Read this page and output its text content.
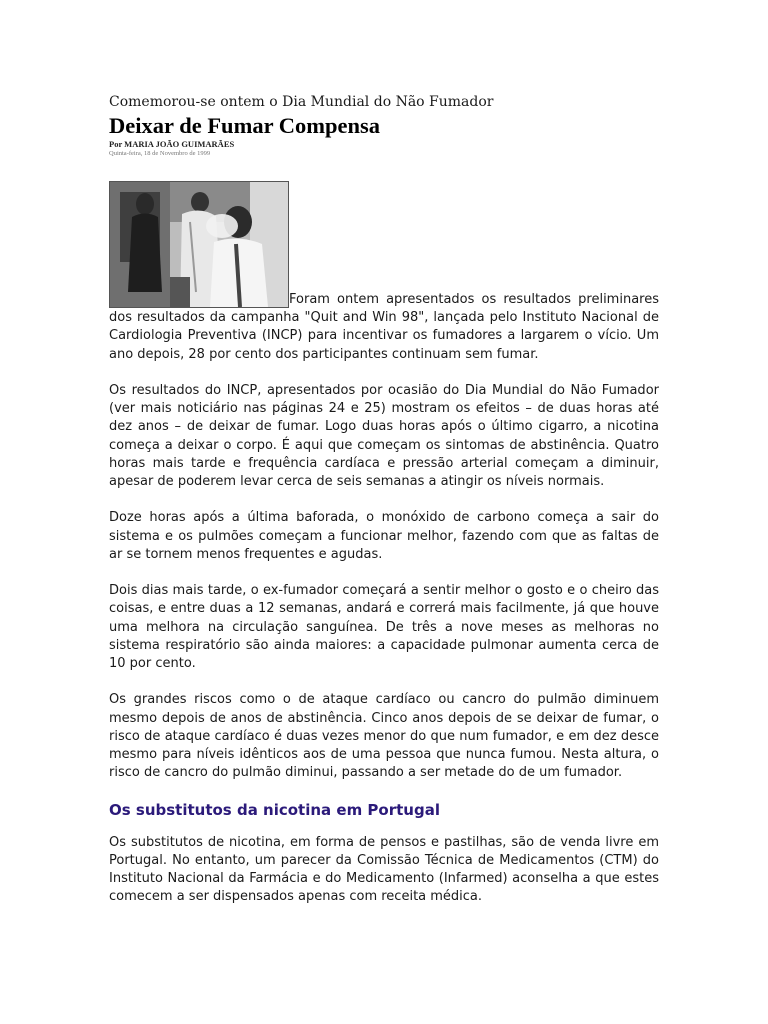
Comemorou-se ontem o Dia Mundial do Não Fumador
Deixar de Fumar Compensa
Por MARIA JOÃO GUIMARÃES
Quinta-feira, 18 de Novembro de 1999

Foram ontem apresentados os resultados preliminares dos resultados da campanha "Quit and Win 98", lançada pelo Instituto Nacional de Cardiologia Preventiva (INCP) para incentivar os fumadores a largarem o vício. Um ano depois, 28 por cento dos participantes continuam sem fumar.

Os resultados do INCP, apresentados por ocasião do Dia Mundial do Não Fumador (ver mais noticiário nas páginas 24 e 25) mostram os efeitos – de duas horas até dez anos – de deixar de fumar. Logo duas horas após o último cigarro, a nicotina começa a deixar o corpo. É aqui que começam os sintomas de abstinência. Quatro horas mais tarde e frequência cardíaca e pressão arterial começam a diminuir, apesar de poderem levar cerca de seis semanas a atingir os níveis normais.

Doze horas após a última baforada, o monóxido de carbono começa a sair do sistema e os pulmões começam a funcionar melhor, fazendo com que as faltas de ar se tornem menos frequentes e agudas.

Dois dias mais tarde, o ex-fumador começará a sentir melhor o gosto e o cheiro das coisas, e entre duas a 12 semanas, andará e correrá mais facilmente, já que houve uma melhora na circulação sanguínea. De três a nove meses as melhoras no sistema respiratório são ainda maiores: a capacidade pulmonar aumenta cerca de 10 por cento.

Os grandes riscos como o de ataque cardíaco ou cancro do pulmão diminuem mesmo depois de anos de abstinência. Cinco anos depois de se deixar de fumar, o risco de ataque cardíaco é duas vezes menor do que num fumador, e em dez desce mesmo para níveis idênticos aos de uma pessoa que nunca fumou. Nesta altura, o risco de cancro do pulmão diminui, passando a ser metade do de um fumador.

Os substitutos da nicotina em Portugal

Os substitutos de nicotina, em forma de pensos e pastilhas, são de venda livre em Portugal. No entanto, um parecer da Comissão Técnica de Medicamentos (CTM) do Instituto Nacional da Farmácia e do Medicamento (Infarmed) aconselha a que estes comecem a ser dispensados apenas com receita médica.
